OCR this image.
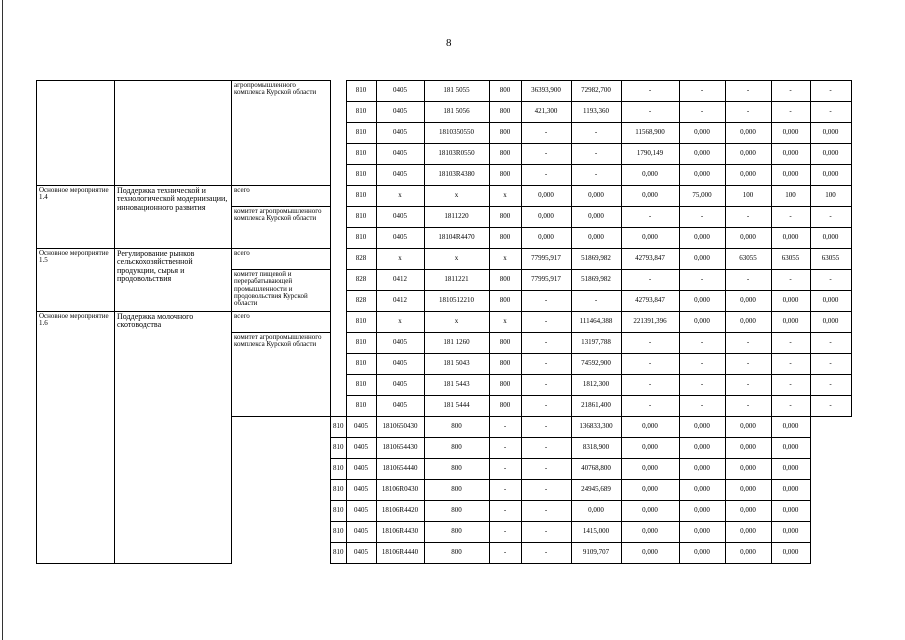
8
		агропромышленного комплекса Курской области		810	0405	181 5055	800	36393,900	72982,700	-	-	-	-	-
				810	0405	181 5056	800	421,300	1193,360	-	-	-	-	-
				810	0405	1810350550	800	-	-	11568,900	0,000	0,000	0,000	0,000
				810	0405	18103R0550	800	-	-	1790,149	0,000	0,000	0,000	0,000
				810	0405	18103R4380	800	-	-	0,000	0,000	0,000	0,000	0,000
Основное мероприятие 1.4	Поддержка технической и технологической модернизации, инновационного развития	всего		810	x	x	x	0,000	0,000	0,000	75,000	100	100	100
		комитет агропромышленного комплекса Курской области		810	0405	1811220	800	0,000	0,000	-	-	-	-	-
				810	0405	18104R4470	800	0,000	0,000	0,000	0,000	0,000	0,000	0,000
Основное мероприятие 1.5	Регулирование рынков сельскохозяйственной продукции, сырья и продовольствия	всего		828	x	x	x	77995,917	51869,982	42793,847	0,000	63055	63055	63055
		комитет пищевой и перерабатывающей промышленности и продовольствия Курской области		828	0412	1811221	800	77995,917	51869,982	-	-	-	-	-
				828	0412	1810512210	800	-	-	42793,847	0,000	0,000	0,000	0,000
Основное мероприятие 1.6	Поддержка молочного скотоводства	всего		810	x	x	x	-	111464,388	221391,396	0,000	0,000	0,000	0,000
		комитет агропромышленного комплекса Курской области		810	0405	181 1260	800	-	13197,788	-	-	-	-	-
				810	0405	181 5043	800	-	74592,900	-	-	-	-	-
				810	0405	181 5443	800	-	1812,300	-	-	-	-	-
				810	0405	181 5444	800	-	21861,400	-	-	-	-	-
			810	0405	1810650430	800	-	-	136833,300	0,000	0,000	0,000	0,000	
			810	0405	1810654430	800	-	-	8318,900	0,000	0,000	0,000	0,000	
			810	0405	1810654440	800	-	-	40768,800	0,000	0,000	0,000	0,000	
			810	0405	18106R0430	800	-	-	24945,689	0,000	0,000	0,000	0,000	
			810	0405	18106R4420	800	-	-	0,000	0,000	0,000	0,000	0,000	
			810	0405	18106R4430	800	-	-	1415,000	0,000	0,000	0,000	0,000	
			810	0405	18106R4440	800	-	-	9109,707	0,000	0,000	0,000	0,000	
